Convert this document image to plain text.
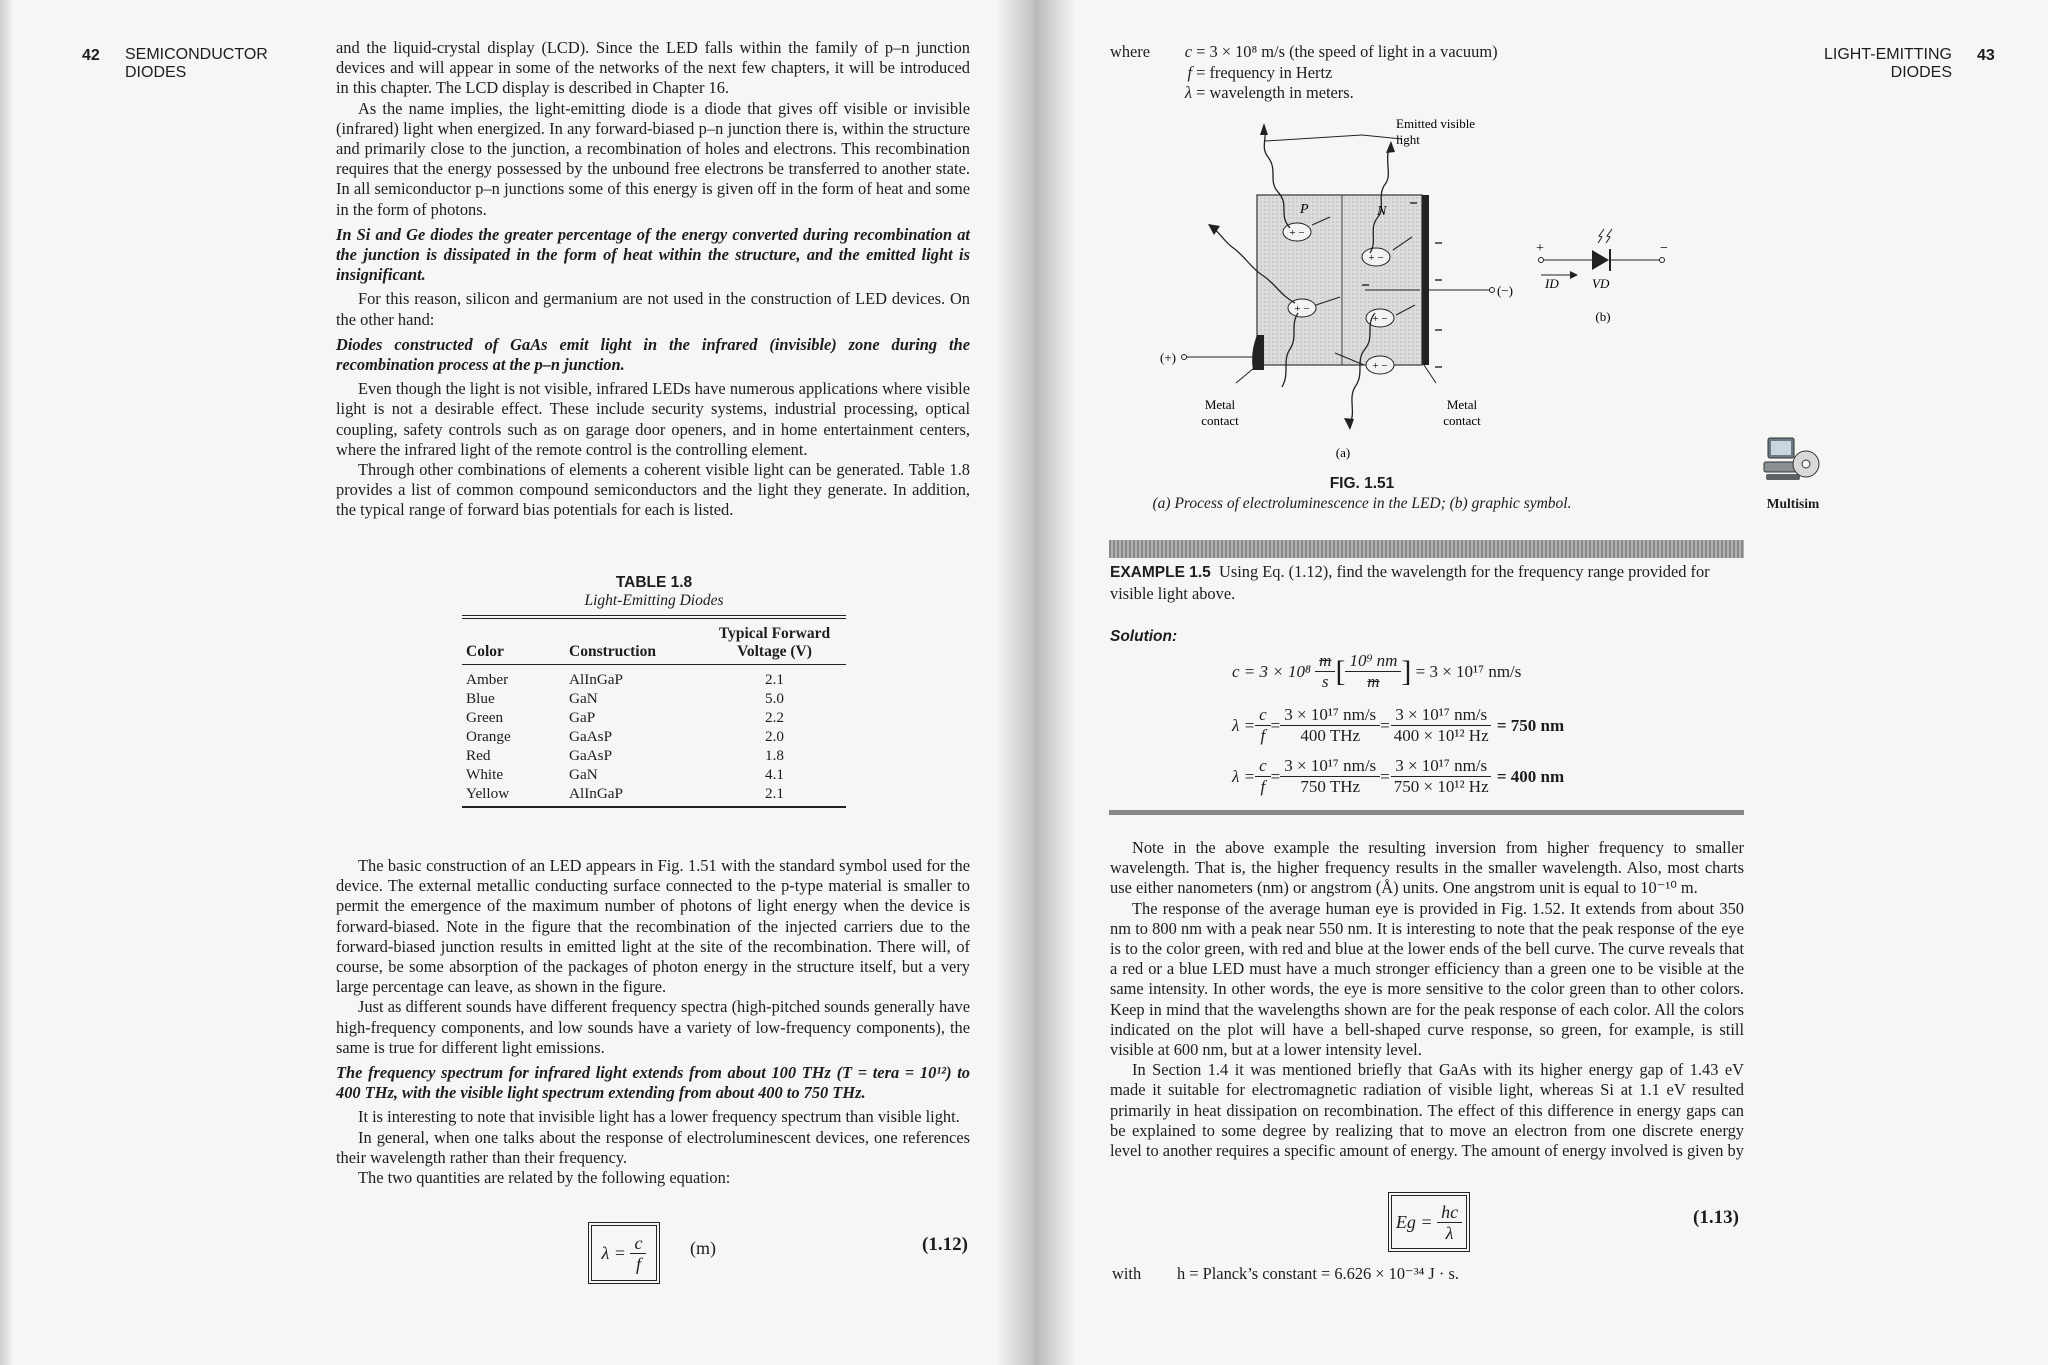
42 SEMICONDUCTOR
DIODES

and the liquid-crystal display (LCD). Since the LED falls within the family of p–n junction devices and will appear in some of the networks of the next few chapters, it will be introduced in this chapter. The LCD display is described in Chapter 16.

As the name implies, the light-emitting diode is a diode that gives off visible or invisible (infrared) light when energized. In any forward-biased p–n junction there is, within the structure and primarily close to the junction, a recombination of holes and electrons. This recombination requires that the energy possessed by the unbound free electrons be transferred to another state. In all semiconductor p–n junctions some of this energy is given off in the form of heat and some in the form of photons.

In Si and Ge diodes the greater percentage of the energy converted during recombination at the junction is dissipated in the form of heat within the structure, and the emitted light is insignificant.

For this reason, silicon and germanium are not used in the construction of LED devices. On the other hand:

Diodes constructed of GaAs emit light in the infrared (invisible) zone during the recombination process at the p–n junction.

Even though the light is not visible, infrared LEDs have numerous applications where visible light is not a desirable effect. These include security systems, industrial processing, optical coupling, safety controls such as on garage door openers, and in home entertainment centers, where the infrared light of the remote control is the controlling element.

Through other combinations of elements a coherent visible light can be generated. Table 1.8 provides a list of common compound semiconductors and the light they generate. In addition, the typical range of forward bias potentials for each is listed.

TABLE 1.8
Light-Emitting Diodes
Color	Construction	Typical Forward Voltage (V)
Amber	AlInGaP	2.1
Blue	GaN	5.0
Green	GaP	2.2
Orange	GaAsP	2.0
Red	GaAsP	1.8
White	GaN	4.1
Yellow	AlInGaP	2.1

The basic construction of an LED appears in Fig. 1.51 with the standard symbol used for the device. The external metallic conducting surface connected to the p-type material is smaller to permit the emergence of the maximum number of photons of light energy when the device is forward-biased. Note in the figure that the recombination of the injected carriers due to the forward-biased junction results in emitted light at the site of the recombination. There will, of course, be some absorption of the packages of photon energy in the structure itself, but a very large percentage can leave, as shown in the figure.

Just as different sounds have different frequency spectra (high-pitched sounds generally have high-frequency components, and low sounds have a variety of low-frequency components), the same is true for different light emissions.

The frequency spectrum for infrared light extends from about 100 THz (T = tera = 10¹²) to 400 THz, with the visible light spectrum extending from about 400 to 750 THz.

It is interesting to note that invisible light has a lower frequency spectrum than visible light.

In general, when one talks about the response of electroluminescent devices, one references their wavelength rather than their frequency.

The two quantities are related by the following equation:

λ =
$\frac{c}{f} (m)$	(1.12)
43
LIGHT-EMITTING
DIODES
where	c = 3 × 10⁸ m/s (the speed of light in a vacuum)
f = frequency in Hertz
λ = wavelength in meters.
+ −
+ −
+ −
+ −
+ −
Emitted visible
light
P	N
(+)
(−)
Metal
contact
Metal
contact
(a)
+	−
ID	VD
(b)
FIG. 1.51
(a) Process of electroluminescence in the LED; (b) graphic symbol.	Multisim
EXAMPLE 1.5 Using Eq. (1.12), find the wavelength for the frequency range provided for visible light above.
Solution:
c = 3 × 10⁸
$\frac{m}{s}$ [ $\frac{\text{10⁹ nm}}{m}$ ]
= 3 × 10¹⁷ nm/s
$\lambda = \frac{c}{f} = \frac{\text{3 × 10¹⁷ nm/s}}{\text{400 THz}} = \frac{\text{3 × 10¹⁷ nm/s}}{\text{400 × 10¹² Hz}}$
= 750 nm
$\lambda = \frac{c}{f} = \frac{\text{3 × 10¹⁷ nm/s}}{\text{750 THz}} = \frac{\text{3 × 10¹⁷ nm/s}}{\text{750 × 10¹² Hz}}$
= 400 nm

Note in the above example the resulting inversion from higher frequency to smaller wavelength. That is, the higher frequency results in the smaller wavelength. Also, most charts use either nanometers (nm) or angstrom (Å) units. One angstrom unit is equal to 10⁻¹⁰ m.

The response of the average human eye is provided in Fig. 1.52. It extends from about 350 nm to 800 nm with a peak near 550 nm. It is interesting to note that the peak response of the eye is to the color green, with red and blue at the lower ends of the bell curve. The curve reveals that a red or a blue LED must have a much stronger efficiency than a green one to be visible at the same intensity. In other words, the eye is more sensitive to the color green than to other colors. Keep in mind that the wavelengths shown are for the peak response of each color. All the colors indicated on the plot will have a bell-shaped curve response, so green, for example, is still visible at 600 nm, but at a lower intensity level.

In Section 1.4 it was mentioned briefly that GaAs with its higher energy gap of 1.43 eV made it suitable for electromagnetic radiation of visible light, whereas Si at 1.1 eV resulted primarily in heat dissipation on recombination. The effect of this difference in energy gaps can be explained to some degree by realizing that to move an electron from one discrete energy level to another requires a specific amount of energy. The amount of energy involved is given by

Eg =
$\frac{hc}{\lambda}$	(1.13)
with h = Planck’s constant = 6.626 × 10⁻³⁴ J · s.
